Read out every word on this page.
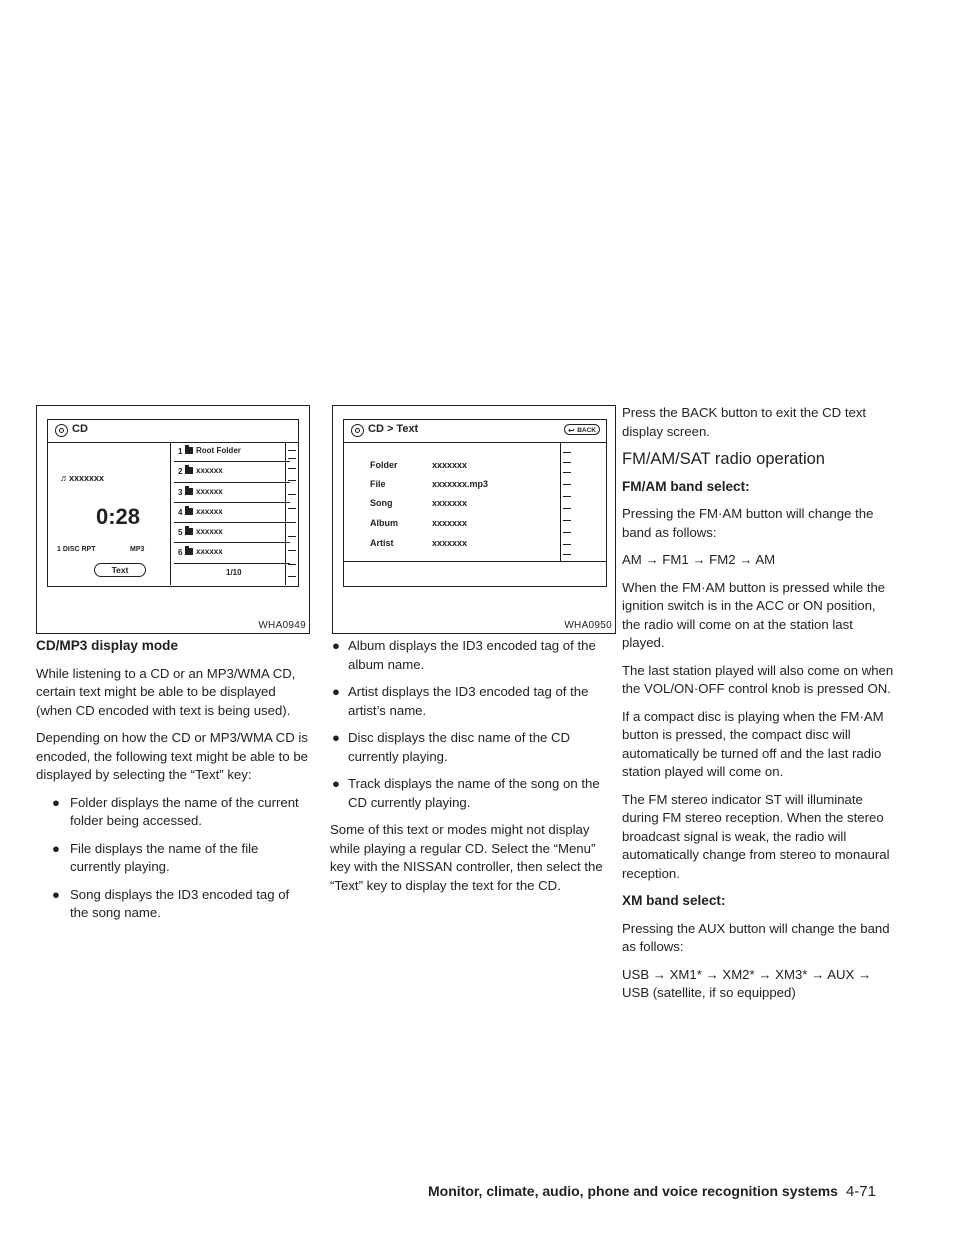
CD
♬xxxxxxx
0:28
1 DISC RPT	MP3
Text
1 Root Folder
2 xxxxxx
3 xxxxxx
4 xxxxxx
5 xxxxxx
6 xxxxxx
1/10
WHA0949
CD > Text
↩	BACK
Folder	xxxxxxx
File	xxxxxxx.mp3
Song	xxxxxxx
Album	xxxxxxx
Artist	xxxxxxx
WHA0950

CD/MP3 display mode

While listening to a CD or an MP3/WMA CD, certain text might be able to be displayed (when CD encoded with text is being used).

Depending on how the CD or MP3/WMA CD is encoded, the following text might be able to be displayed by selecting the “Text” key:

● Folder displays the name of the current folder being accessed.
● File displays the name of the file currently playing.
● Song displays the ID3 encoded tag of the song name.
● Album displays the ID3 encoded tag of the album name.
● Artist displays the ID3 encoded tag of the artist’s name.
● Disc displays the disc name of the CD currently playing.
● Track displays the name of the song on the CD currently playing.

Some of this text or modes might not display while playing a regular CD. Select the “Menu” key with the NISSAN controller, then select the “Text” key to display the text for the CD.

Press the BACK button to exit the CD text display screen.

FM/AM/SAT radio operation

FM/AM band select:

Pressing the FM·AM button will change the band as follows:

AM → FM1 → FM2 → AM

When the FM·AM button is pressed while the ignition switch is in the ACC or ON position, the radio will come on at the station last played.

The last station played will also come on when the VOL/ON·OFF control knob is pressed ON.

If a compact disc is playing when the FM·AM button is pressed, the compact disc will automatically be turned off and the last radio station played will come on.

The FM stereo indicator ST will illuminate during FM stereo reception. When the stereo broadcast signal is weak, the radio will automatically change from stereo to monaural reception.

XM band select:

Pressing the AUX button will change the band as follows:

USB → XM1* → XM2* → XM3* → AUX → USB (satellite, if so equipped)

Monitor, climate, audio, phone and voice recognition systems 4-71
